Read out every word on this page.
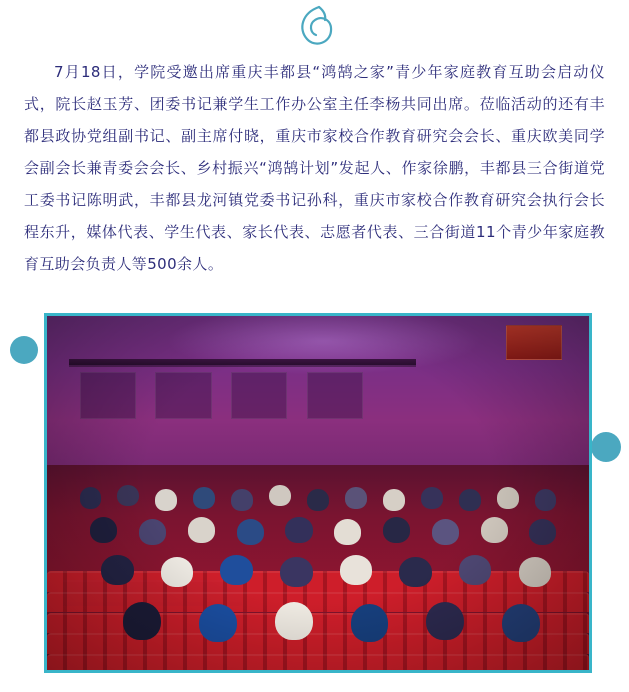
7月18日，学院受邀出席重庆丰都县“鸿鹄之家”青少年家庭教育互助会启动仪式，院长赵玉芳、团委书记兼学生工作办公室主任李杨共同出席。莅临活动的还有丰都县政协党组副书记、副主席付晓，重庆市家校合作教育研究会会长、重庆欧美同学会副会长兼青委会会长、乡村振兴“鸿鹄计划”发起人、作家徐鹏，丰都县三合街道党工委书记陈明武，丰都县龙河镇党委书记孙科，重庆市家校合作教育研究会执行会长程东升，媒体代表、学生代表、家长代表、志愿者代表、三合街道11个青少年家庭教育互助会负责人等500余人。
